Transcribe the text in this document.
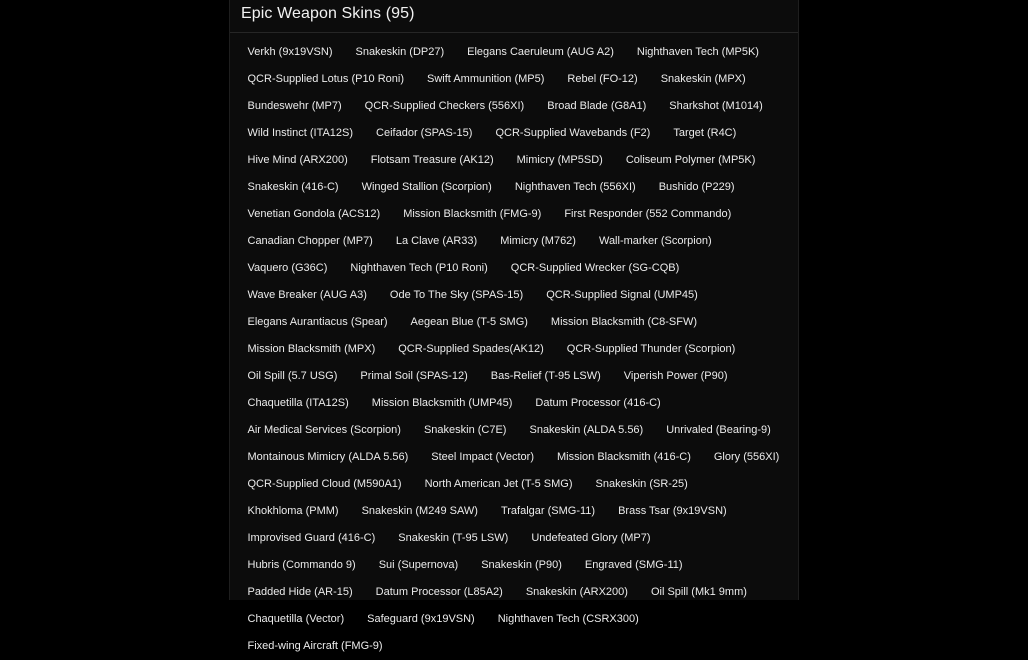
Epic Weapon Skins (95)
Verkh (9x19VSN)	Snakeskin (DP27)	Elegans Caeruleum (AUG A2)	Nighthaven Tech (MP5K)
QCR-Supplied Lotus (P10 Roni)	Swift Ammunition (MP5)	Rebel (FO-12)	Snakeskin (MPX)
Bundeswehr (MP7)	QCR-Supplied Checkers (556XI)	Broad Blade (G8A1)	Sharkshot (M1014)
Wild Instinct (ITA12S)	Ceifador (SPAS-15)	QCR-Supplied Wavebands (F2)	Target (R4C)
Hive Mind (ARX200)	Flotsam Treasure (AK12)	Mimicry (MP5SD)	Coliseum Polymer (MP5K)
Snakeskin (416-C)	Winged Stallion (Scorpion)	Nighthaven Tech (556XI)	Bushido (P229)
Venetian Gondola (ACS12)	Mission Blacksmith (FMG-9)	First Responder (552 Commando)
Canadian Chopper (MP7)	La Clave (AR33)	Mimicry (M762)	Wall-marker (Scorpion)
Vaquero (G36C)	Nighthaven Tech (P10 Roni)	QCR-Supplied Wrecker (SG-CQB)
Wave Breaker (AUG A3)	Ode To The Sky (SPAS-15)	QCR-Supplied Signal (UMP45)
Elegans Aurantiacus (Spear)	Aegean Blue (T-5 SMG)	Mission Blacksmith (C8-SFW)
Mission Blacksmith (MPX)	QCR-Supplied Spades(AK12)	QCR-Supplied Thunder (Scorpion)
Oil Spill (5.7 USG)	Primal Soil (SPAS-12)	Bas-Relief (T-95 LSW)	Viperish Power (P90)
Chaquetilla (ITA12S)	Mission Blacksmith (UMP45)	Datum Processor (416-C)
Air Medical Services (Scorpion)	Snakeskin (C7E)	Snakeskin (ALDA 5.56)	Unrivaled (Bearing-9)
Montainous Mimicry (ALDA 5.56)	Steel Impact (Vector)	Mission Blacksmith (416-C)	Glory (556XI)
QCR-Supplied Cloud (M590A1)	North American Jet (T-5 SMG)	Snakeskin (SR-25)
Khokhloma (PMM)	Snakeskin (M249 SAW)	Trafalgar (SMG-11)	Brass Tsar (9x19VSN)
Improvised Guard (416-C)	Snakeskin (T-95 LSW)	Undefeated Glory (MP7)
Hubris (Commando 9)	Sui (Supernova)	Snakeskin (P90)	Engraved (SMG-11)
Padded Hide (AR-15)	Datum Processor (L85A2)	Snakeskin (ARX200)	Oil Spill (Mk1 9mm)
Chaquetilla (Vector)	Safeguard (9x19VSN)	Nighthaven Tech (CSRX300)
Fixed-wing Aircraft (FMG-9)
